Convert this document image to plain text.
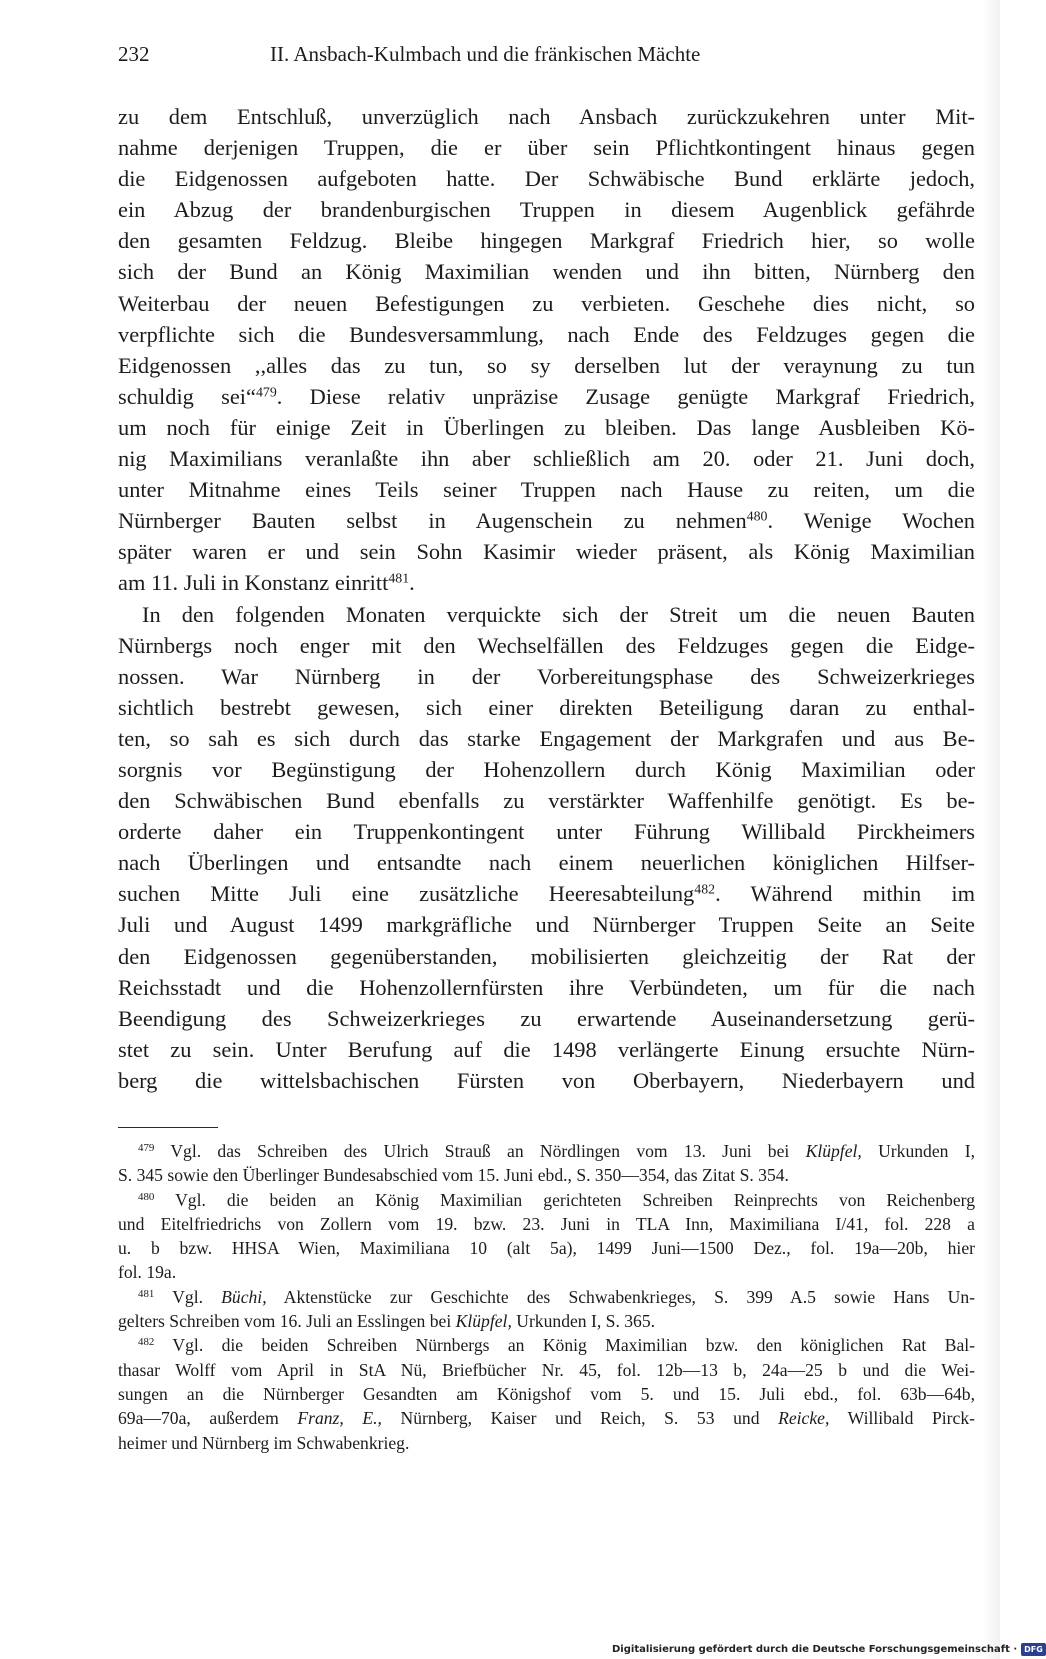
232	II. Ansbach-Kulmbach und die fränkischen Mächte
zu dem Entschluß, unverzüglich nach Ansbach zurückzukehren unter Mit-
nahme derjenigen Truppen, die er über sein Pflichtkontingent hinaus gegen
die Eidgenossen aufgeboten hatte. Der Schwäbische Bund erklärte jedoch,
ein Abzug der brandenburgischen Truppen in diesem Augenblick gefährde
den gesamten Feldzug. Bleibe hingegen Markgraf Friedrich hier, so wolle
sich der Bund an König Maximilian wenden und ihn bitten, Nürnberg den
Weiterbau der neuen Befestigungen zu verbieten. Geschehe dies nicht, so
verpflichte sich die Bundesversammlung, nach Ende des Feldzuges gegen die
Eidgenossen ,,alles das zu tun, so sy derselben lut der veraynung zu tun
schuldig sei“$^{479}$. Diese relativ unpräzise Zusage genügte Markgraf Friedrich,
um noch für einige Zeit in Überlingen zu bleiben. Das lange Ausbleiben Kö-
nig Maximilians veranlaßte ihn aber schließlich am 20. oder 21. Juni doch,
unter Mitnahme eines Teils seiner Truppen nach Hause zu reiten, um die
Nürnberger Bauten selbst in Augenschein zu nehmen$^{480}$. Wenige Wochen
später waren er und sein Sohn Kasimir wieder präsent, als König Maximilian
am 11. Juli in Konstanz einritt$^{481}$.
In den folgenden Monaten verquickte sich der Streit um die neuen Bauten
Nürnbergs noch enger mit den Wechselfällen des Feldzuges gegen die Eidge-
nossen. War Nürnberg in der Vorbereitungsphase des Schweizerkrieges
sichtlich bestrebt gewesen, sich einer direkten Beteiligung daran zu enthal-
ten, so sah es sich durch das starke Engagement der Markgrafen und aus Be-
sorgnis vor Begünstigung der Hohenzollern durch König Maximilian oder
den Schwäbischen Bund ebenfalls zu verstärkter Waffenhilfe genötigt. Es be-
orderte daher ein Truppenkontingent unter Führung Willibald Pirckheimers
nach Überlingen und entsandte nach einem neuerlichen königlichen Hilfser-
suchen Mitte Juli eine zusätzliche Heeresabteilung$^{482}$. Während mithin im
Juli und August 1499 markgräfliche und Nürnberger Truppen Seite an Seite
den Eidgenossen gegenüberstanden, mobilisierten gleichzeitig der Rat der
Reichsstadt und die Hohenzollernfürsten ihre Verbündeten, um für die nach
Beendigung des Schweizerkrieges zu erwartende Auseinandersetzung gerü-
stet zu sein. Unter Berufung auf die 1498 verlängerte Einung ersuchte Nürn-
berg die wittelsbachischen Fürsten von Oberbayern, Niederbayern und
$^{479}$ Vgl. das Schreiben des Ulrich Strauß an Nördlingen vom 13. Juni bei Klüpfel, Urkunden I,
S. 345 sowie den Überlinger Bundesabschied vom 15. Juni ebd., S. 350—354, das Zitat S. 354.
$^{480}$ Vgl. die beiden an König Maximilian gerichteten Schreiben Reinprechts von Reichenberg
und Eitelfriedrichs von Zollern vom 19. bzw. 23. Juni in TLA Inn, Maximiliana I/41, fol. 228 a
u. b bzw. HHSA Wien, Maximiliana 10 (alt 5a), 1499 Juni—1500 Dez., fol. 19a—20b, hier
fol. 19a.
$^{481}$ Vgl. Büchi, Aktenstücke zur Geschichte des Schwabenkrieges, S. 399 A.5 sowie Hans Un-
gelters Schreiben vom 16. Juli an Esslingen bei Klüpfel, Urkunden I, S. 365.
$^{482}$ Vgl. die beiden Schreiben Nürnbergs an König Maximilian bzw. den königlichen Rat Bal-
thasar Wolff vom April in StA Nü, Briefbücher Nr. 45, fol. 12b—13 b, 24a—25 b und die Wei-
sungen an die Nürnberger Gesandten am Königshof vom 5. und 15. Juli ebd., fol. 63b—64b,
69a—70a, außerdem Franz, E., Nürnberg, Kaiser und Reich, S. 53 und Reicke, Willibald Pirck-
heimer und Nürnberg im Schwabenkrieg.
Digitalisierung gefördert durch die Deutsche Forschungsgemeinschaft · DFG
